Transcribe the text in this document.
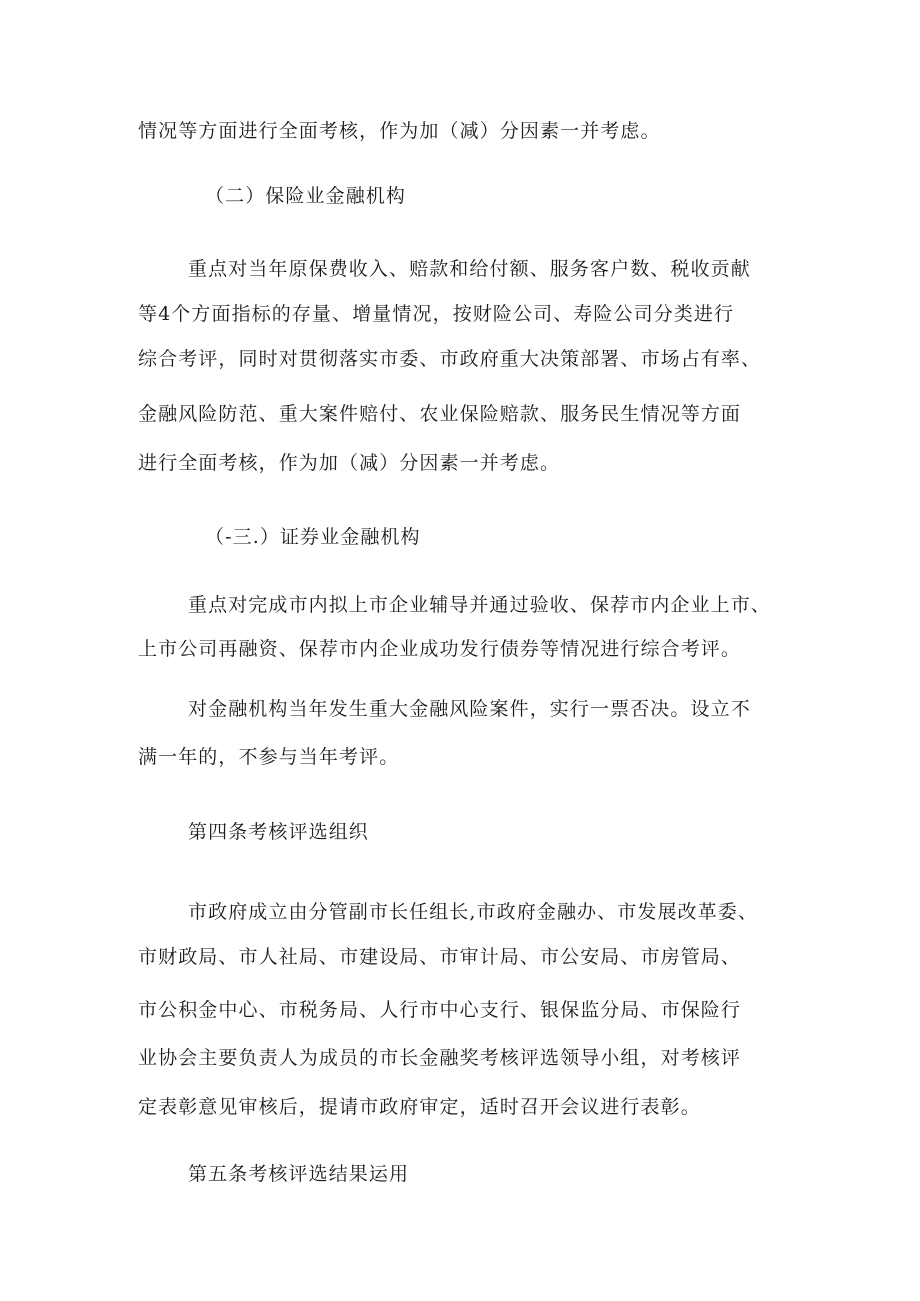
情况等方面进行全面考核，作为加（减）分因素一并考虑。
（二）保险业金融机构
重点对当年原保费收入、赔款和给付额、服务客户数、税收贡献
等4个方面指标的存量、增量情况，按财险公司、寿险公司分类进行
综合考评，同时对贯彻落实市委、市政府重大决策部署、市场占有率、
金融风险防范、重大案件赔付、农业保险赔款、服务民生情况等方面
进行全面考核，作为加（减）分因素一并考虑。
（-三.）证券业金融机构
重点对完成市内拟上市企业辅导并通过验收、保荐市内企业上市、
上市公司再融资、保荐市内企业成功发行债券等情况进行综合考评。
对金融机构当年发生重大金融风险案件，实行一票否决。设立不
满一年的，不参与当年考评。
第四条考核评选组织
市政府成立由分管副市长任组长,市政府金融办、市发展改革委、
市财政局、市人社局、市建设局、市审计局、市公安局、市房管局、
市公积金中心、市税务局、人行市中心支行、银保监分局、市保险行
业协会主要负责人为成员的市长金融奖考核评选领导小组，对考核评
定表彰意见审核后，提请市政府审定，适时召开会议进行表彰。
第五条考核评选结果运用
